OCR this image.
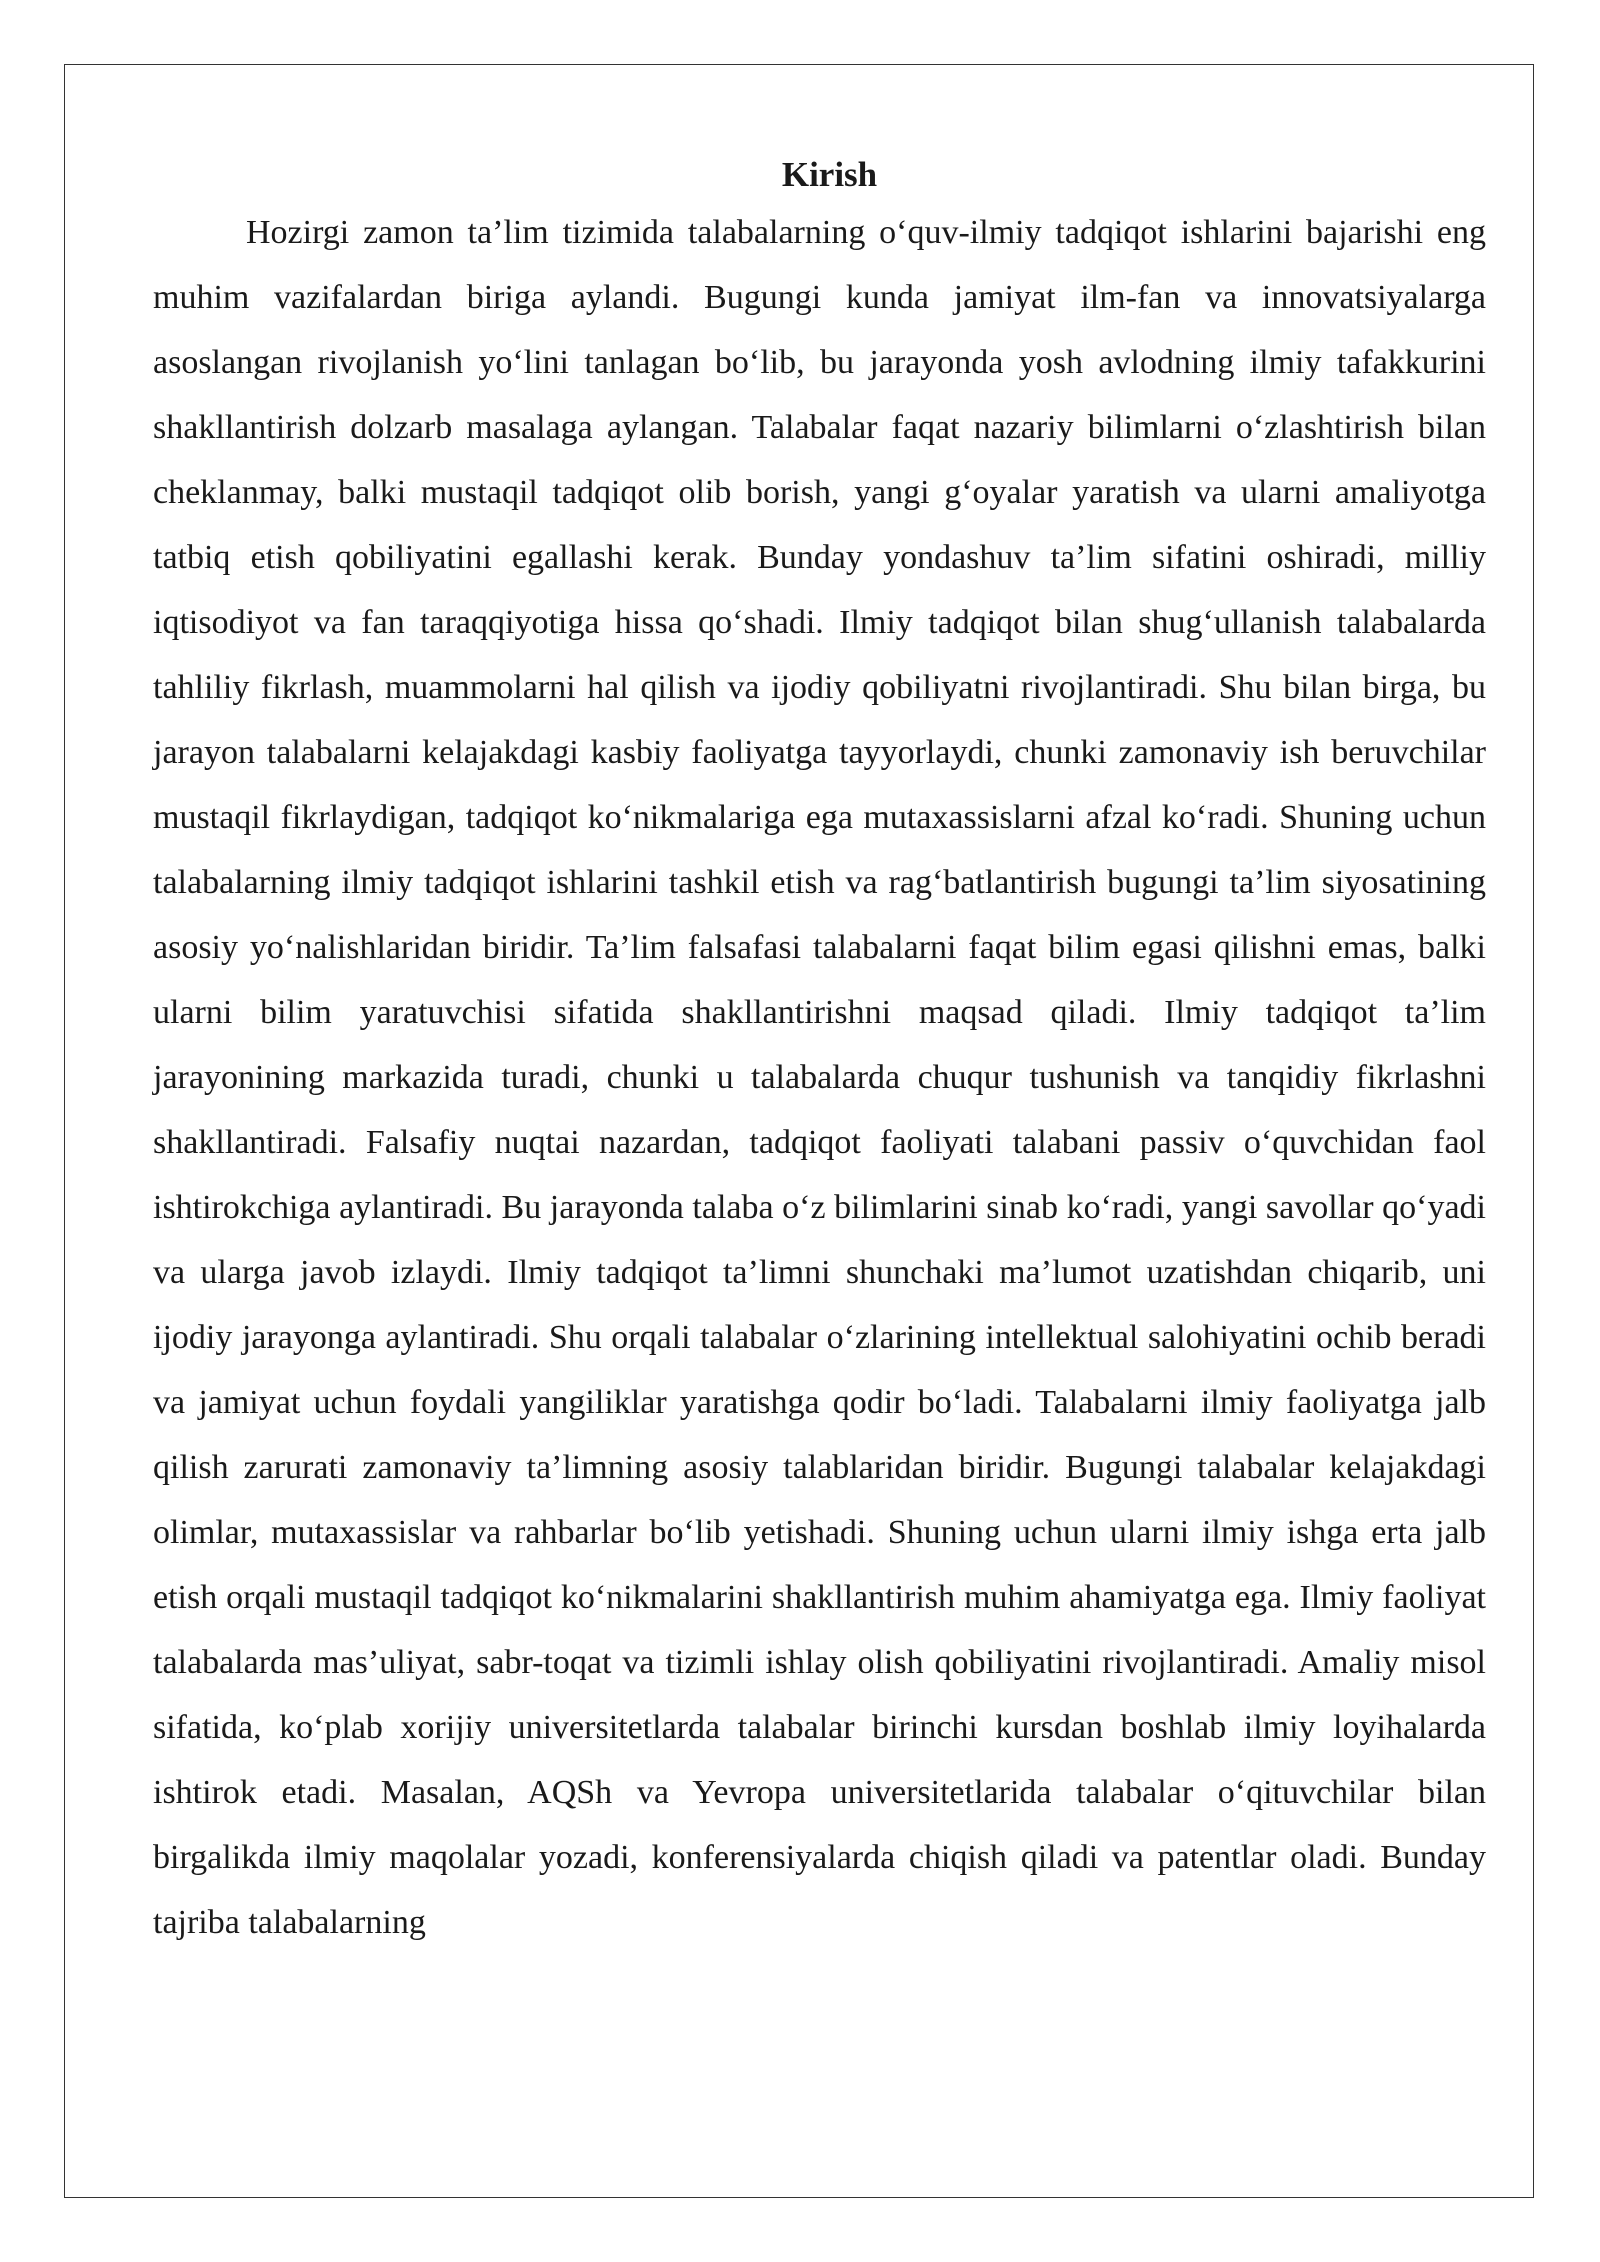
Kirish

Hozirgi zamon ta’lim tizimida talabalarning o‘quv-ilmiy tadqiqot ishlarini bajarishi eng muhim vazifalardan biriga aylandi. Bugungi kunda jamiyat ilm-fan va innovatsiyalarga asoslangan rivojlanish yo‘lini tanlagan bo‘lib, bu jarayonda yosh avlodning ilmiy tafakkurini shakllantirish dolzarb masalaga aylangan. Talabalar faqat nazariy bilimlarni o‘zlashtirish bilan cheklanmay, balki mustaqil tadqiqot olib borish, yangi g‘oyalar yaratish va ularni amaliyotga tatbiq etish qobiliyatini egallashi kerak. Bunday yondashuv ta’lim sifatini oshiradi, milliy iqtisodiyot va fan taraqqiyotiga hissa qo‘shadi. Ilmiy tadqiqot bilan shug‘ullanish talabalarda tahliliy fikrlash, muammolarni hal qilish va ijodiy qobiliyatni rivojlantiradi. Shu bilan birga, bu jarayon talabalarni kelajakdagi kasbiy faoliyatga tayyorlaydi, chunki zamonaviy ish beruvchilar mustaqil fikrlaydigan, tadqiqot ko‘nikmalariga ega mutaxassislarni afzal ko‘radi. Shuning uchun talabalarning ilmiy tadqiqot ishlarini tashkil etish va rag‘batlantirish bugungi ta’lim siyosatining asosiy yo‘nalishlaridan biridir. Ta’lim falsafasi talabalarni faqat bilim egasi qilishni emas, balki ularni bilim yaratuvchisi sifatida shakllantirishni maqsad qiladi. Ilmiy tadqiqot ta’lim jarayonining markazida turadi, chunki u talabalarda chuqur tushunish va tanqidiy fikrlashni shakllantiradi. Falsafiy nuqtai nazardan, tadqiqot faoliyati talabani passiv o‘quvchidan faol ishtirokchiga aylantiradi. Bu jarayonda talaba o‘z bilimlarini sinab ko‘radi, yangi savollar qo‘yadi va ularga javob izlaydi. Ilmiy tadqiqot ta’limni shunchaki ma’lumot uzatishdan chiqarib, uni ijodiy jarayonga aylantiradi. Shu orqali talabalar o‘zlarining intellektual salohiyatini ochib beradi va jamiyat uchun foydali yangiliklar yaratishga qodir bo‘ladi. Talabalarni ilmiy faoliyatga jalb qilish zarurati zamonaviy ta’limning asosiy talablaridan biridir. Bugungi talabalar kelajakdagi olimlar, mutaxassislar va rahbarlar bo‘lib yetishadi. Shuning uchun ularni ilmiy ishga erta jalb etish orqali mustaqil tadqiqot ko‘nikmalarini shakllantirish muhim ahamiyatga ega. Ilmiy faoliyat talabalarda mas’uliyat, sabr-toqat va tizimli ishlay olish qobiliyatini rivojlantiradi. Amaliy misol sifatida, ko‘plab xorijiy universitetlarda talabalar birinchi kursdan boshlab ilmiy loyihalarda ishtirok etadi. Masalan, AQSh va Yevropa universitetlarida talabalar o‘qituvchilar bilan birgalikda ilmiy maqolalar yozadi, konferensiyalarda chiqish qiladi va patentlar oladi. Bunday tajriba talabalarning
